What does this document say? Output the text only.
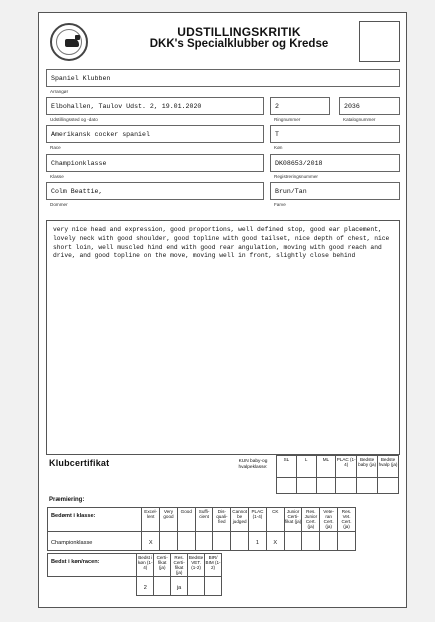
UDSTILLINGSKRITIK
DKK's Specialklubber og Kredse
Spaniel Klubben
Arrangør
Elbohallen, Taulov Udst. 2, 19.01.2020
Udstillingssted og -dato
2
Ringnummer
2036
Katalognummer
Amerikansk cocker spaniel
Race
T
Køn
Championklasse
Klasse
DK08653/2018
Registreringsnummer
Colm Beattie,
Dommer
Brun/Tan
Farve
very nice head and expression, good proportions, well defined stop, good ear placement, lovely neck with good shoulder, good topline with good tailset, nice depth of chest, nice short loin, well muscled hind end with good rear angulation, moving with good reach and drive, and good topline on the move, moving well in front, slightly close behind
Klubcertifikat	KUN baby-og hvalpeklasse:
SL	L	ML	PLAC (1-4)	Bedste baby (ja)	Bedste hvalp (ja)

Præmiering:
Bedømt i klasse:	Excel-lent	Very good	Good	Suffi-cient	Dis-quali-fied	Cannot be judged	PLAC (1-4)	CK	Junior Certi-fikat (ja)	Res. Junior Cert. (ja)	Vete-ran Cert. (ja)	Res. Vet. Cert. (ja)
Championklasse	X						1	X				
Bedst i køn/racen:	Bedst i køn (1-4)	Certi-fikat (ja)	Res. Certi-fikat (ja)	Bedste VET. (1-2)	BIR/ BIM (1-2)
	2		ja		
